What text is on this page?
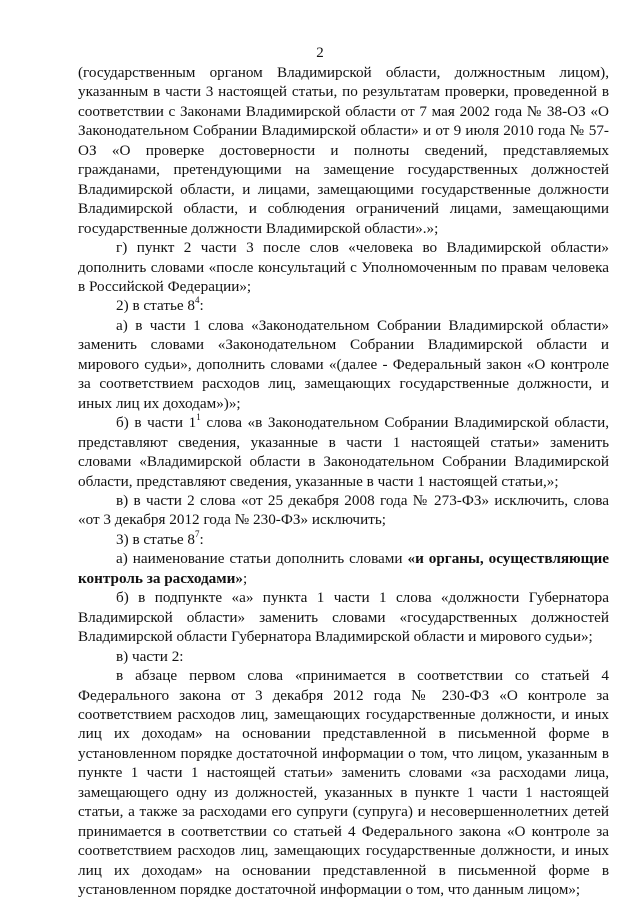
2

(государственным органом Владимирской области, должностным лицом), указанным в части 3 настоящей статьи, по результатам проверки, проведенной в соответствии с Законами Владимирской области от 7 мая 2002 года № 38-ОЗ «О Законодательном Собрании Владимирской области» и от 9 июля 2010 года № 57-ОЗ «О проверке достоверности и полноты сведений, представляемых гражданами, претендующими на замещение государственных должностей Владимирской области, и лицами, замещающими государственные должности Владимирской области, и соблюдения ограничений лицами, замещающими государственные должности Владимирской области».»;

г) пункт 2 части 3 после слов «человека во Владимирской области» дополнить словами «после консультаций с Уполномоченным по правам человека в Российской Федерации»;

2) в статье $8^4$:

а) в части 1 слова «Законодательном Собрании Владимирской области» заменить словами «Законодательном Собрании Владимирской области и мирового судьи», дополнить словами «(далее - Федеральный закон «О контроле за соответствием расходов лиц, замещающих государственные должности, и иных лиц их доходам»)»;

б) в части $1^1$ слова «в Законодательном Собрании Владимирской области, представляют сведения, указанные в части 1 настоящей статьи» заменить словами «Владимирской области в Законодательном Собрании Владимирской области, представляют сведения, указанные в части 1 настоящей статьи,»;

в) в части 2 слова «от 25 декабря 2008 года № 273-ФЗ» исключить, слова «от 3 декабря 2012 года № 230-ФЗ» исключить;

3) в статье $8^7$:

а) наименование статьи дополнить словами «и органы, осуществляющие контроль за расходами»;

б) в подпункте «а» пункта 1 части 1 слова «должности Губернатора Владимирской области» заменить словами «государственных должностей Владимирской области Губернатора Владимирской области и мирового судьи»;

в) части 2:

в абзаце первом слова «принимается в соответствии со статьей 4 Федерального закона от 3 декабря 2012 года № 230-ФЗ «О контроле за соответствием расходов лиц, замещающих государственные должности, и иных лиц их доходам» на основании представленной в письменной форме в установленном порядке достаточной информации о том, что лицом, указанным в пункте 1 части 1 настоящей статьи» заменить словами «за расходами лица, замещающего одну из должностей, указанных в пункте 1 части 1 настоящей статьи, а также за расходами его супруги (супруга) и несовершеннолетних детей принимается в соответствии со статьей 4 Федерального закона «О контроле за соответствием расходов лиц, замещающих государственные должности, и иных лиц их доходам» на основании представленной в письменной форме в установленном порядке достаточной информации о том, что данным лицом»;
